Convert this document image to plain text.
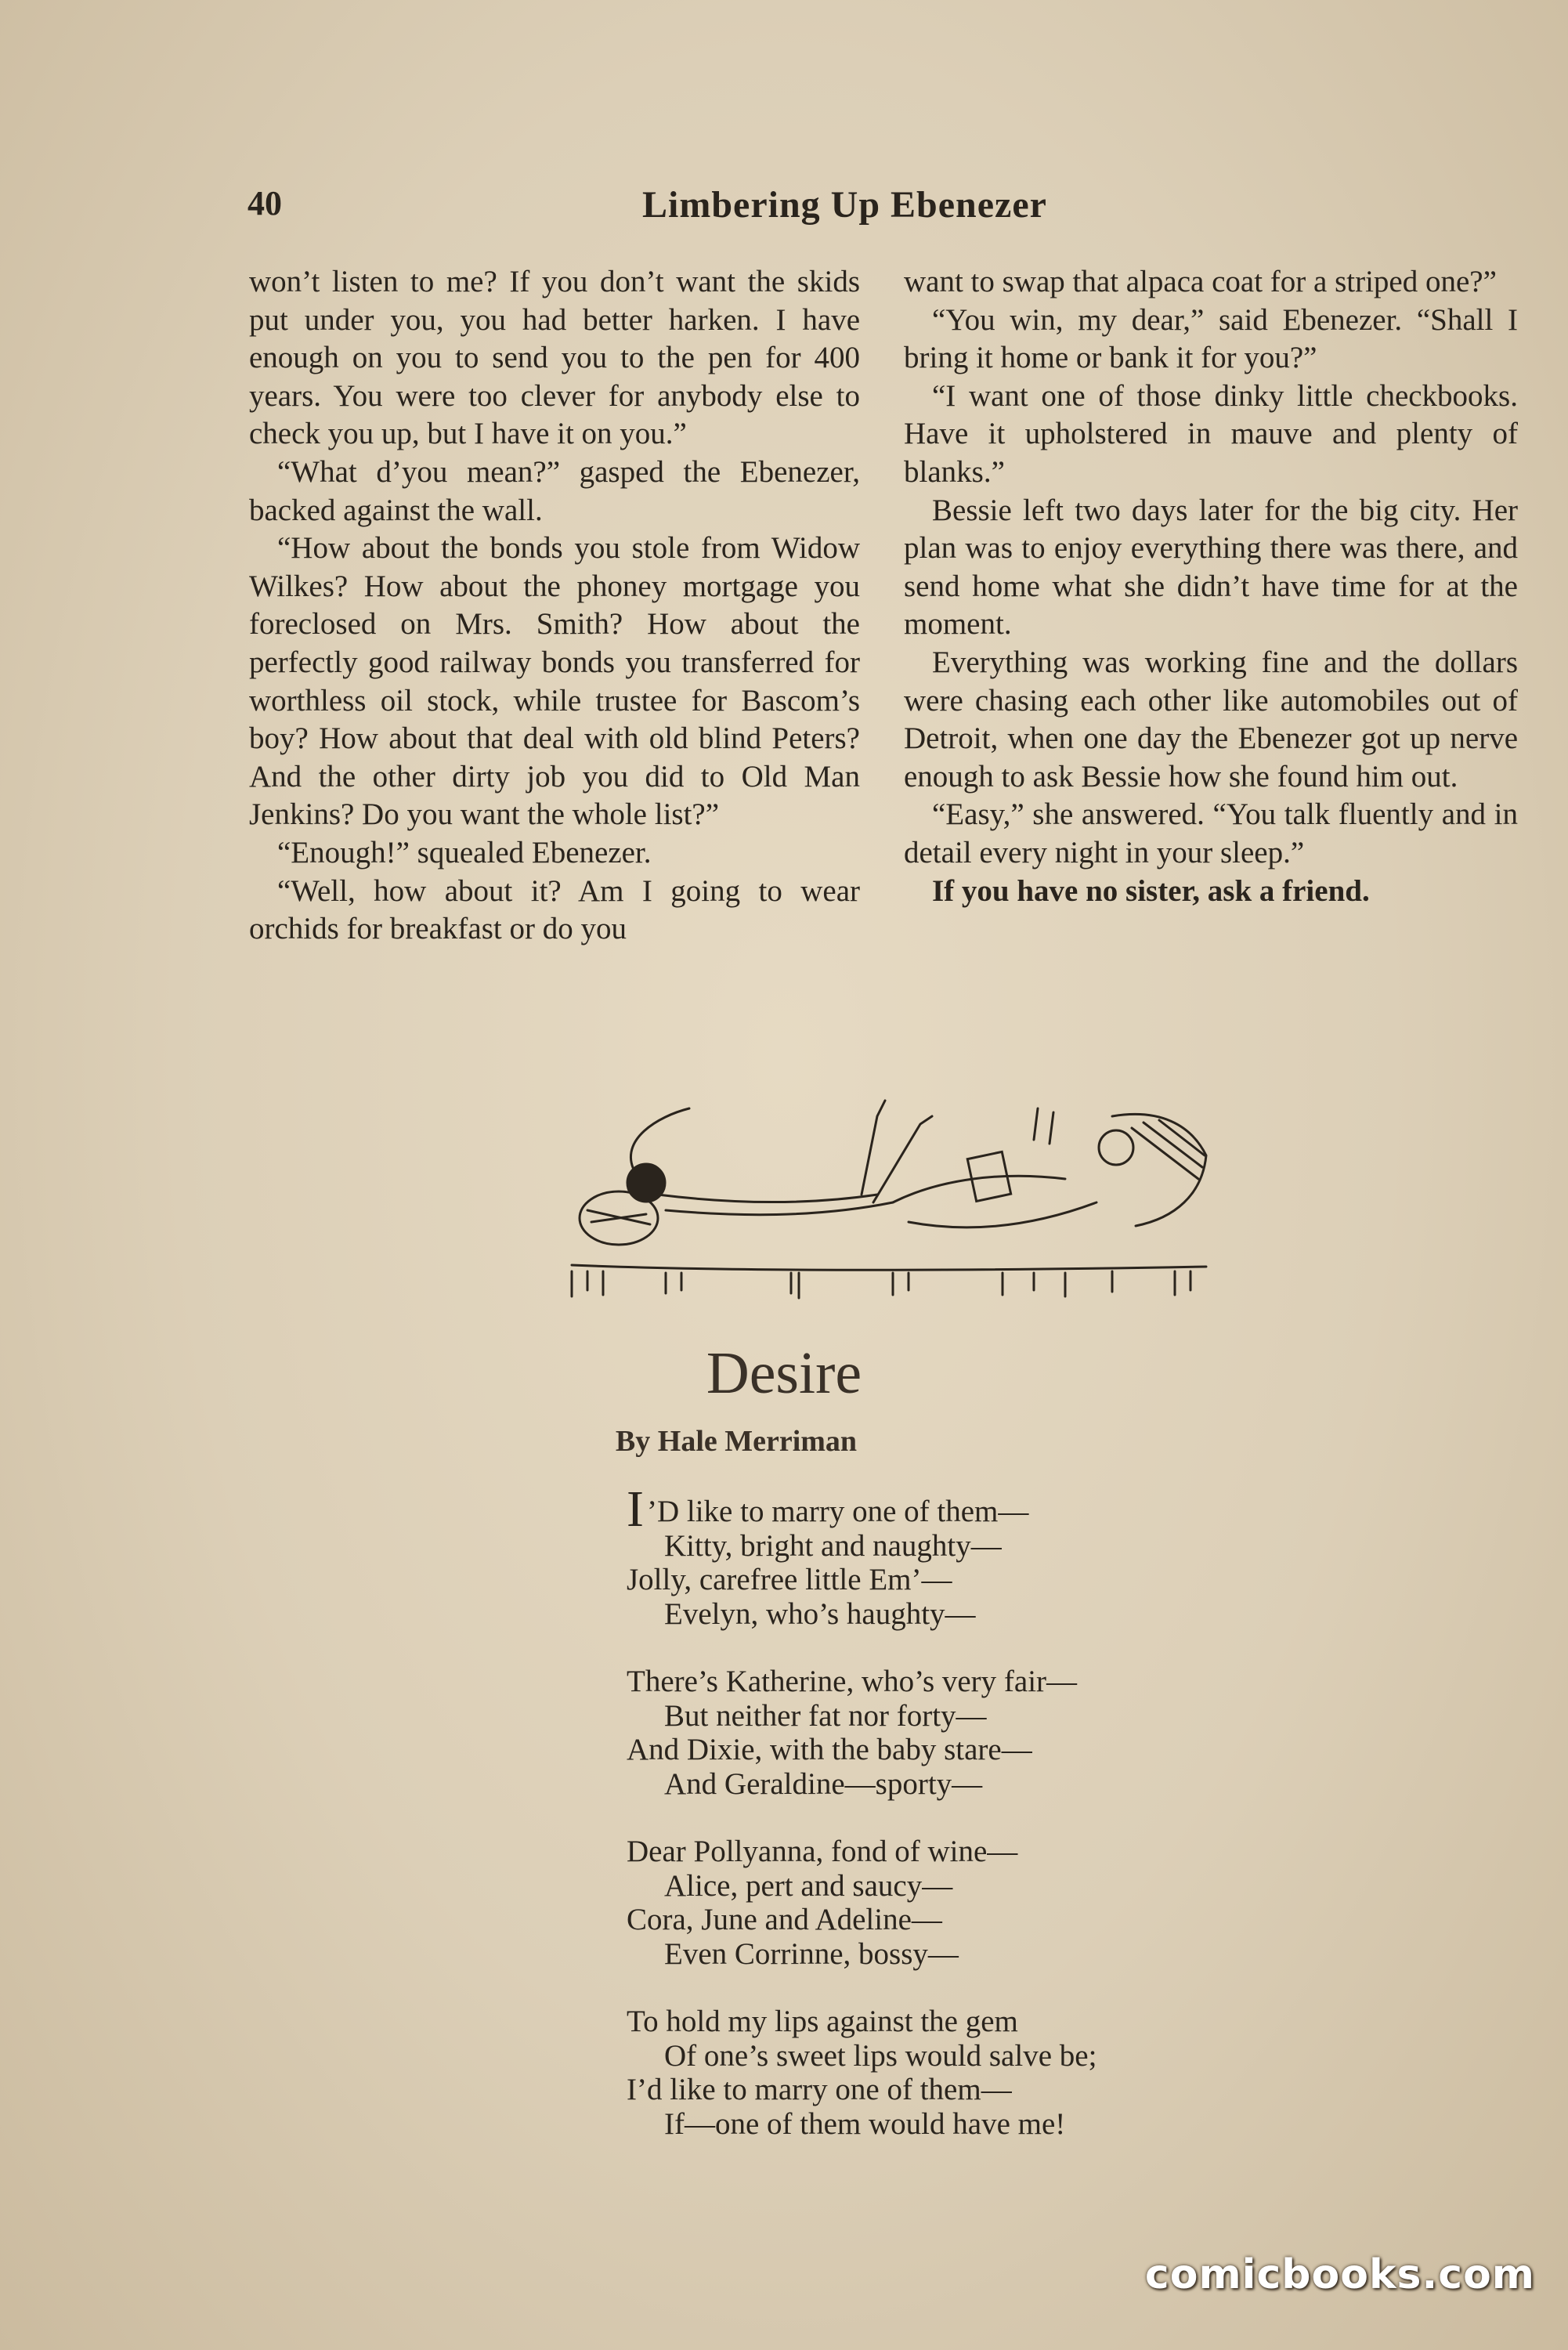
40	Limbering Up Ebenezer

won’t listen to me? If you don’t want the skids put under you, you had better harken. I have enough on you to send you to the pen for 400 years. You were too clever for anybody else to check you up, but I have it on you.”

“What d’you mean?” gasped the Ebenezer, backed against the wall.

“How about the bonds you stole from Widow Wilkes? How about the phoney mortgage you foreclosed on Mrs. Smith? How about the perfectly good railway bonds you transferred for worthless oil stock, while trustee for Bascom’s boy? How about that deal with old blind Peters? And the other dirty job you did to Old Man Jenkins? Do you want the whole list?”

“Enough!” squealed Ebenezer.

“Well, how about it? Am I going to wear orchids for breakfast or do you

want to swap that alpaca coat for a striped one?”

“You win, my dear,” said Ebenezer. “Shall I bring it home or bank it for you?”

“I want one of those dinky little checkbooks. Have it upholstered in mauve and plenty of blanks.”

Bessie left two days later for the big city. Her plan was to enjoy everything there was there, and send home what she didn’t have time for at the moment.

Everything was working fine and the dollars were chasing each other like automobiles out of Detroit, when one day the Ebenezer got up nerve enough to ask Bessie how she found him out.

“Easy,” she answered. “You talk fluently and in detail every night in your sleep.”

If you have no sister, ask a friend.

Desire
By Hale Merriman
I ’D like to marry one of them—
Kitty, bright and naughty—
Jolly, carefree little Em’—
Evelyn, who’s haughty—
There’s Katherine, who’s very fair—
But neither fat nor forty—
And Dixie, with the baby stare—
And Geraldine—sporty—
Dear Pollyanna, fond of wine—
Alice, pert and saucy—
Cora, June and Adeline—
Even Corrinne, bossy—
To hold my lips against the gem
Of one’s sweet lips would salve be;
I’d like to marry one of them—
If—one of them would have me!
comicbooks.com
